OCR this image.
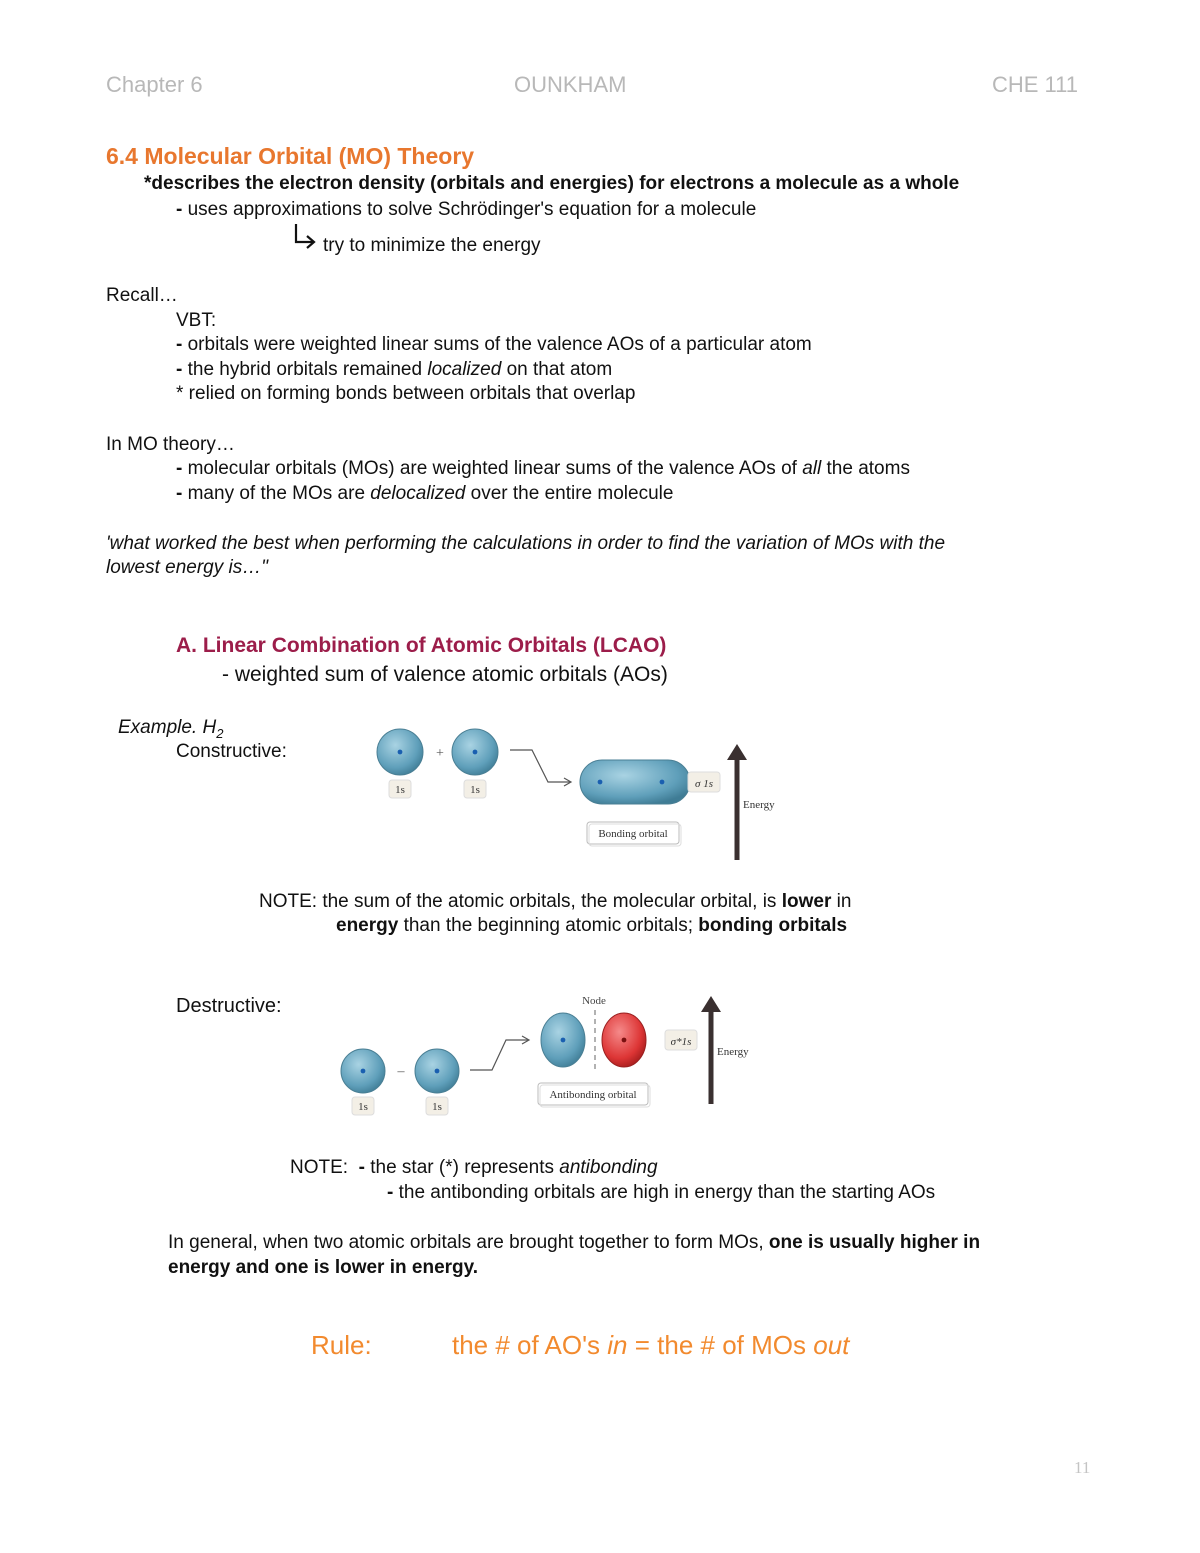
Chapter 6	OUNKHAM	CHE 111
6.4 Molecular Orbital (MO) Theory
*describes the electron density (orbitals and energies) for electrons a molecule as a whole
- uses approximations to solve Schrödinger's equation for a molecule
try to minimize the energy
Recall…
VBT:
- orbitals were weighted linear sums of the valence AOs of a particular atom
- the hybrid orbitals remained localized on that atom
* relied on forming bonds between orbitals that overlap
In MO theory…
- molecular orbitals (MOs) are weighted linear sums of the valence AOs of all the atoms
- many of the MOs are delocalized over the entire molecule
'what worked the best when performing the calculations in order to find the variation of MOs with the
lowest energy is…"
A. Linear Combination of Atomic Orbitals (LCAO)
- weighted sum of valence atomic orbitals (AOs)
Example. $H_2$
Constructive:
1s
+
1s	σ 1s
Bonding orbital
Energy
NOTE: the sum of the atomic orbitals, the molecular orbital, is lower in
energy than the beginning atomic orbitals; bonding orbitals
Destructive:
1s
–
1s
Node
σ*1s
Antibonding orbital
Energy
NOTE:  - the star (*) represents antibonding
- the antibonding orbitals are high in energy than the starting AOs
In general, when two atomic orbitals are brought together to form MOs, one is usually higher in
energy and one is lower in energy.
Rule:	the # of AO's in = the # of MOs out
11
